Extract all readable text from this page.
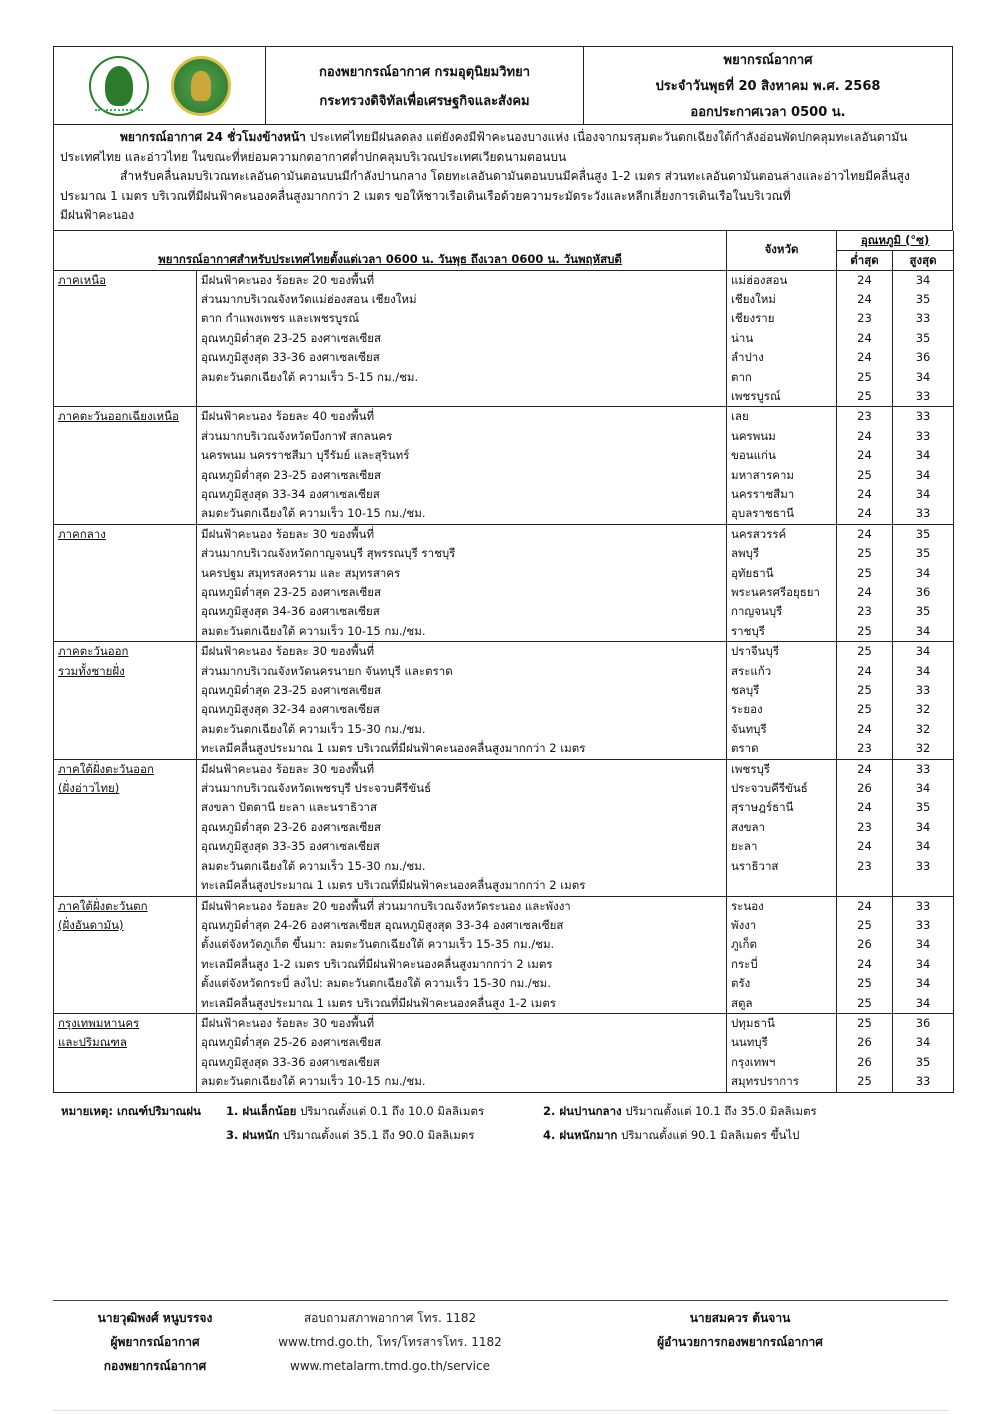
กองพยากรณ์อากาศ กรมอุตุนิยมวิทยา
กระทรวงดิจิทัลเพื่อเศรษฐกิจและสังคม
พยากรณ์อากาศ
ประจำวันพุธที่ 20 สิงหาคม พ.ศ. 2568
ออกประกาศเวลา 0500 น.
พยากรณ์อากาศ 24 ชั่วโมงข้างหน้า ประเทศไทยมีฝนลดลง แต่ยังคงมีฟ้าคะนองบางแห่ง เนื่องจากมรสุมตะวันตกเฉียงใต้กำลังอ่อนพัดปกคลุมทะเลอันดามัน
ประเทศไทย และอ่าวไทย ในขณะที่หย่อมความกดอากาศต่ำปกคลุมบริเวณประเทศเวียดนามตอนบน
สำหรับคลื่นลมบริเวณทะเลอันดามันตอนบนมีกำลังปานกลาง โดยทะเลอันดามันตอนบนมีคลื่นสูง 1-2 เมตร ส่วนทะเลอันดามันตอนล่างและอ่าวไทยมีคลื่นสูง
ประมาณ 1 เมตร บริเวณที่มีฝนฟ้าคะนองคลื่นสูงมากกว่า 2 เมตร ขอให้ชาวเรือเดินเรือด้วยความระมัดระวังและหลีกเลี่ยงการเดินเรือในบริเวณที่
มีฝนฟ้าคะนอง
พยากรณ์อากาศสำหรับประเทศไทยตั้งแต่เวลา 0600 น. วันพุธ ถึงเวลา 0600 น. วันพฤหัสบดี		จังหวัด	อุณหภูมิ (°ซ)	
			ต่ำสุด	สูงสุด

ภาคเหนือ	มีฝนฟ้าคะนอง ร้อยละ 20 ของพื้นที่	แม่ฮ่องสอน	24	34
	ส่วนมากบริเวณจังหวัดแม่ฮ่องสอน เชียงใหม่	เชียงใหม่	24	35
	ตาก กำแพงเพชร และเพชรบูรณ์	เชียงราย	23	33
	อุณหภูมิต่ำสุด 23-25 องศาเซลเซียส	น่าน	24	35
	อุณหภูมิสูงสุด 33-36 องศาเซลเซียส	ลำปาง	24	36
	ลมตะวันตกเฉียงใต้ ความเร็ว 5-15 กม./ชม.	ตาก	25	34
		เพชรบูรณ์	25	33

ภาคตะวันออกเฉียงเหนือ	มีฝนฟ้าคะนอง ร้อยละ 40 ของพื้นที่	เลย	23	33
	ส่วนมากบริเวณจังหวัดบึงกาฬ สกลนคร	นครพนม	24	33
	นครพนม นครราชสีมา บุรีรัมย์ และสุรินทร์	ขอนแก่น	24	34
	อุณหภูมิต่ำสุด 23-25 องศาเซลเซียส	มหาสารคาม	25	34
	อุณหภูมิสูงสุด 33-34 องศาเซลเซียส	นครราชสีมา	24	34
	ลมตะวันตกเฉียงใต้ ความเร็ว 10-15 กม./ชม.	อุบลราชธานี	24	33

ภาคกลาง	มีฝนฟ้าคะนอง ร้อยละ 30 ของพื้นที่	นครสวรรค์	24	35
	ส่วนมากบริเวณจังหวัดกาญจนบุรี สุพรรณบุรี ราชบุรี	ลพบุรี	25	35
	นครปฐม สมุทรสงคราม และ สมุทรสาคร	อุทัยธานี	25	34
	อุณหภูมิต่ำสุด 23-25 องศาเซลเซียส	พระนครศรีอยุธยา	24	36
	อุณหภูมิสูงสุด 34-36 องศาเซลเซียส	กาญจนบุรี	23	35
	ลมตะวันตกเฉียงใต้ ความเร็ว 10-15 กม./ชม.	ราชบุรี	25	34

ภาคตะวันออก
รวมทั้งชายฝั่ง	มีฝนฟ้าคะนอง ร้อยละ 30 ของพื้นที่	ปราจีนบุรี	25	34
	ส่วนมากบริเวณจังหวัดนครนายก จันทบุรี และตราด	สระแก้ว	24	34
	อุณหภูมิต่ำสุด 23-25 องศาเซลเซียส	ชลบุรี	25	33
	อุณหภูมิสูงสุด 32-34 องศาเซลเซียส	ระยอง	25	32
	ลมตะวันตกเฉียงใต้ ความเร็ว 15-30 กม./ชม.	จันทบุรี	24	32
	ทะเลมีคลื่นสูงประมาณ 1 เมตร บริเวณที่มีฝนฟ้าคะนองคลื่นสูงมากกว่า 2 เมตร	ตราด	23	32

ภาคใต้ฝั่งตะวันออก
(ฝั่งอ่าวไทย)	มีฝนฟ้าคะนอง ร้อยละ 30 ของพื้นที่	เพชรบุรี	24	33
	ส่วนมากบริเวณจังหวัดเพชรบุรี ประจวบคีรีขันธ์	ประจวบคีรีขันธ์	26	34
	สงขลา ปัตตานี ยะลา และนราธิวาส	สุราษฎร์ธานี	24	35
	อุณหภูมิต่ำสุด 23-26 องศาเซลเซียส	สงขลา	23	34
	อุณหภูมิสูงสุด 33-35 องศาเซลเซียส	ยะลา	24	34
	ลมตะวันตกเฉียงใต้ ความเร็ว 15-30 กม./ชม.	นราธิวาส	23	33
	ทะเลมีคลื่นสูงประมาณ 1 เมตร บริเวณที่มีฝนฟ้าคะนองคลื่นสูงมากกว่า 2 เมตร			

ภาคใต้ฝั่งตะวันตก
(ฝั่งอันดามัน)	มีฝนฟ้าคะนอง ร้อยละ 20 ของพื้นที่ ส่วนมากบริเวณจังหวัดระนอง และพังงา	ระนอง	24	33
	อุณหภูมิต่ำสุด 24-26 องศาเซลเซียส อุณหภูมิสูงสุด 33-34 องศาเซลเซียส	พังงา	25	33
	ตั้งแต่จังหวัดภูเก็ต ขึ้นมา: ลมตะวันตกเฉียงใต้ ความเร็ว 15-35 กม./ชม.	ภูเก็ต	26	34
	ทะเลมีคลื่นสูง 1-2 เมตร บริเวณที่มีฝนฟ้าคะนองคลื่นสูงมากกว่า 2 เมตร	กระบี่	24	34
	ตั้งแต่จังหวัดกระบี่ ลงไป: ลมตะวันตกเฉียงใต้ ความเร็ว 15-30 กม./ชม.	ตรัง	25	34
	ทะเลมีคลื่นสูงประมาณ 1 เมตร บริเวณที่มีฝนฟ้าคะนองคลื่นสูง 1-2 เมตร	สตูล	25	34

กรุงเทพมหานคร
และปริมณฑล	มีฝนฟ้าคะนอง ร้อยละ 30 ของพื้นที่	ปทุมธานี	25	36
	อุณหภูมิต่ำสุด 25-26 องศาเซลเซียส	นนทบุรี	26	34
	อุณหภูมิสูงสุด 33-36 องศาเซลเซียส	กรุงเทพฯ	26	35
	ลมตะวันตกเฉียงใต้ ความเร็ว 10-15 กม./ชม.	สมุทรปราการ	25	33
หมายเหตุ: เกณฑ์ปริมาณฝน 1. ฝนเล็กน้อย ปริมาณตั้งแต่ 0.1 ถึง 10.0 มิลลิเมตร	2. ฝนปานกลาง ปริมาณตั้งแต่ 10.1 ถึง 35.0 มิลลิเมตร
3. ฝนหนัก ปริมาณตั้งแต่ 35.1 ถึง 90.0 มิลลิเมตร	4. ฝนหนักมาก ปริมาณตั้งแต่ 90.1 มิลลิเมตร ขึ้นไป
นายวุฒิพงศ์ หนูบรรจง
ผู้พยากรณ์อากาศ
กองพยากรณ์อากาศ
สอบถามสภาพอากาศ โทร. 1182
www.tmd.go.th, โทร/โทรสารโทร. 1182
www.metalarm.tmd.go.th/service
นายสมควร ต้นจาน
ผู้อำนวยการกองพยากรณ์อากาศ
